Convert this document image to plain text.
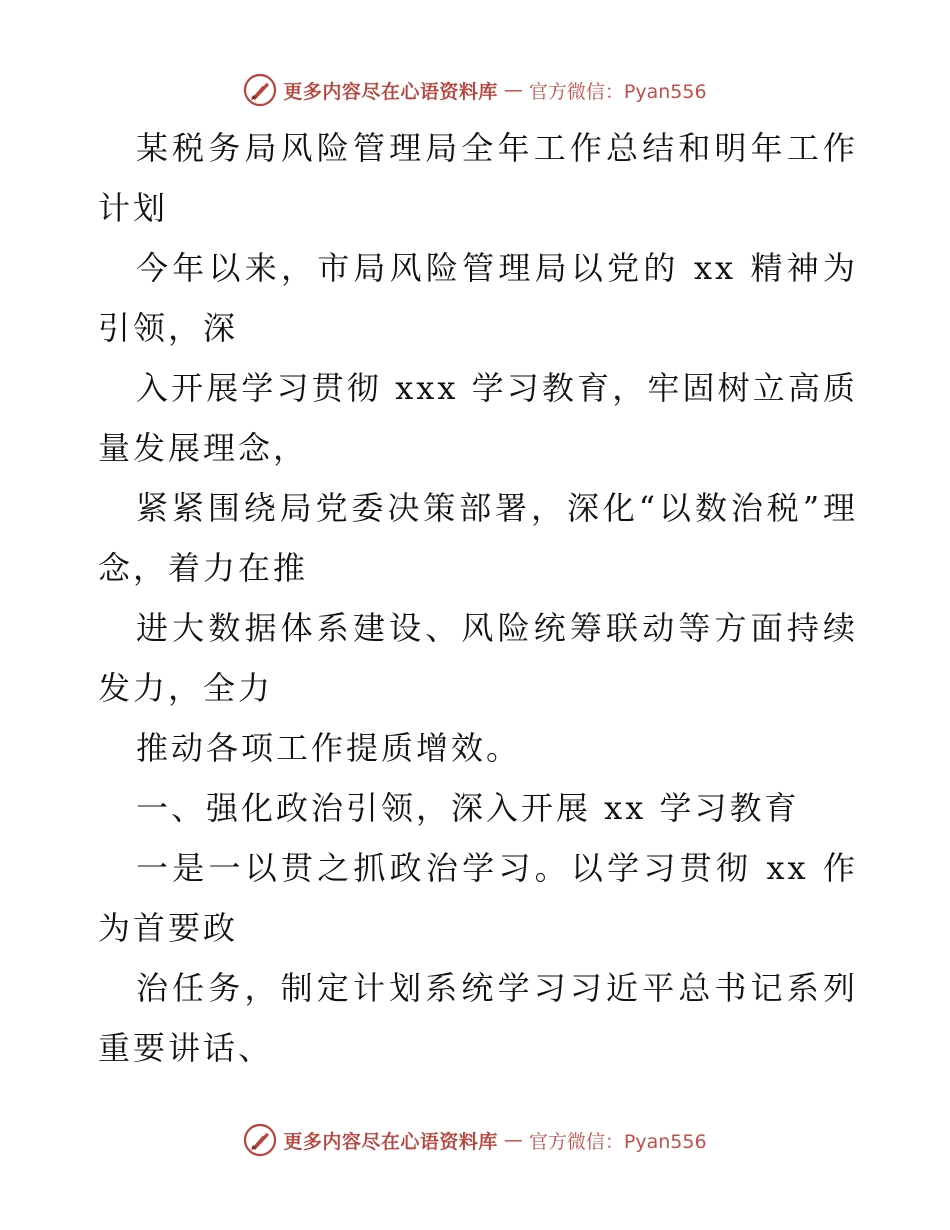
更多内容尽在心语资料库 — 官方微信：Pyan556

某税务局风险管理局全年工作总结和明年工作计划

今年以来，市局风险管理局以党的 xx 精神为引领，深

入开展学习贯彻 xxx 学习教育，牢固树立高质量发展理念，

紧紧围绕局党委决策部署，深化“以数治税”理念，着力在推

进大数据体系建设、风险统筹联动等方面持续发力，全力

推动各项工作提质增效。

一、强化政治引领，深入开展 xx 学习教育

一是一以贯之抓政治学习。以学习贯彻 xx 作为首要政

治任务，制定计划系统学习习近平总书记系列重要讲话、

更多内容尽在心语资料库 — 官方微信：Pyan556
